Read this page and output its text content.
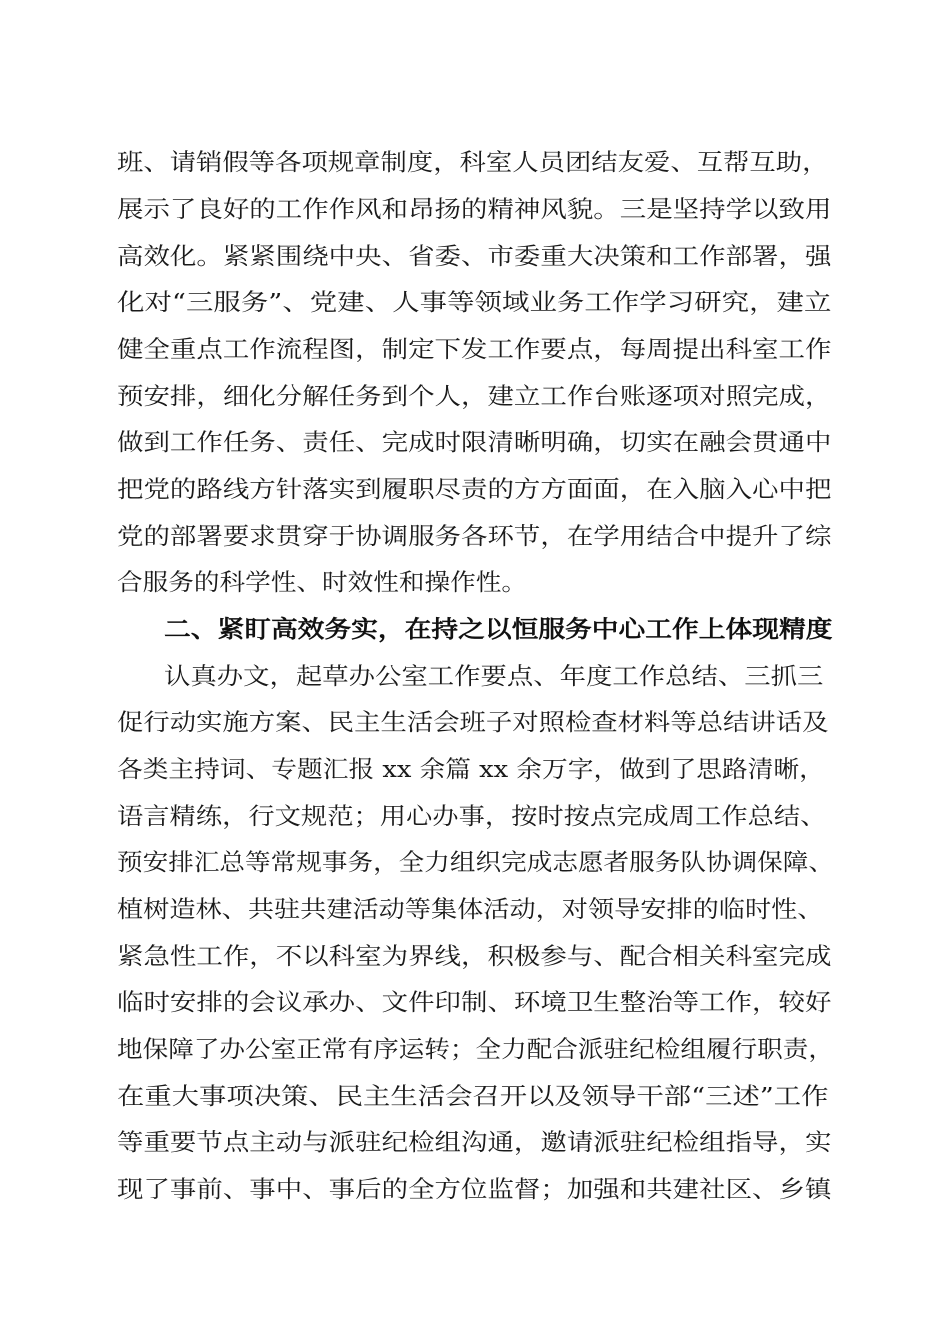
班、请销假等各项规章制度，科室人员团结友爱、互帮互助，
展示了良好的工作作风和昂扬的精神风貌。三是坚持学以致用
高效化。紧紧围绕中央、省委、市委重大决策和工作部署，强
化对“三服务”、党建、人事等领域业务工作学习研究，建立
健全重点工作流程图，制定下发工作要点，每周提出科室工作
预安排，细化分解任务到个人，建立工作台账逐项对照完成，
做到工作任务、责任、完成时限清晰明确，切实在融会贯通中
把党的路线方针落实到履职尽责的方方面面，在入脑入心中把
党的部署要求贯穿于协调服务各环节，在学用结合中提升了综
合服务的科学性、时效性和操作性。
二、紧盯高效务实，在持之以恒服务中心工作上体现精度
认真办文，起草办公室工作要点、年度工作总结、三抓三
促行动实施方案、民主生活会班子对照检查材料等总结讲话及
各类主持词、专题汇报 xx 余篇 xx 余万字，做到了思路清晰，
语言精练，行文规范；用心办事，按时按点完成周工作总结、
预安排汇总等常规事务，全力组织完成志愿者服务队协调保障、
植树造林、共驻共建活动等集体活动，对领导安排的临时性、
紧急性工作，不以科室为界线，积极参与、配合相关科室完成
临时安排的会议承办、文件印制、环境卫生整治等工作，较好
地保障了办公室正常有序运转；全力配合派驻纪检组履行职责，
在重大事项决策、民主生活会召开以及领导干部“三述”工作
等重要节点主动与派驻纪检组沟通，邀请派驻纪检组指导，实
现了事前、事中、事后的全方位监督；加强和共建社区、乡镇
